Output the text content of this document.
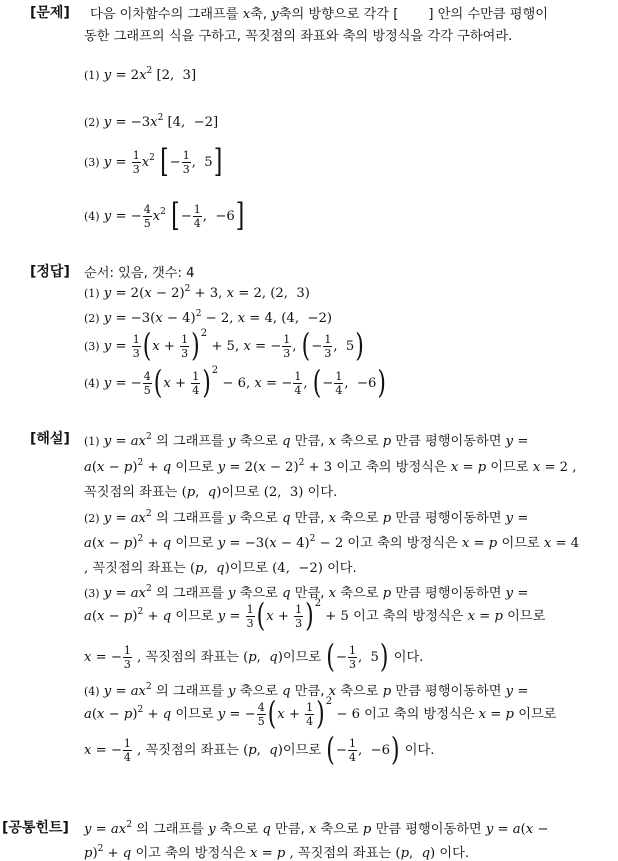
[문제] 다음 이차함수의 그래프를 x축, y축의 방향으로 각각 [ ] 안의 수만큼 평행이
동한 그래프의 식을 구하고, 꼭짓점의 좌표와 축의 방정식을 각각 구하여라.
(1) $y = 2x^2$ [2,  3]
(2) $y = -3x^2$ [4,  −2]
(3) $y = \frac{1}{3} x^2$ [− $\frac{1}{3}$ ,  5]
(4) y = − $\frac{4}{5} x^2$ [− $\frac{1}{4}$ ,  −6]
[정답] 순서: 있음, 갯수: 4
(1) $y = 2(x - 2)^2 + 3$, x = 2, (2,  3)
(2) $y = -3(x - 4)^2 - 2$, x = 4, (4,  −2)
(3) $y = \frac{1}{3} (x + \frac{1}{3} )^2 + 5$, x = − $\frac{1}{3}$ , (− $\frac{1}{3}$ ,  5)
(4) y = − $\frac{4}{5} (x + \frac{1}{4} )^2 - 6$, x = − $\frac{1}{4}$ , (− $\frac{1}{4}$ ,  −6)
[해설] (1) $y = ax^2$ 의 그래프를 y 축으로 q 만큼, x 축으로 p 만큼 평행이동하면 y =
$a(x - p)^2 + q$ 이므로 $y = 2(x - 2)^2 + 3$ 이고 축의 방정식은 x = p 이므로 x = 2 ,
꼭짓점의 좌표는 (p,  q)이므로 (2,  3) 이다.
(2) $y = ax^2$ 의 그래프를 y 축으로 q 만큼, x 축으로 p 만큼 평행이동하면 y =
$a(x - p)^2 + q$ 이므로 $y = -3(x - 4)^2 - 2$ 이고 축의 방정식은 x = p 이므로 x = 4
, 꼭짓점의 좌표는 (p,  q)이므로 (4,  −2) 이다.
(3) $y = ax^2$ 의 그래프를 y 축으로 q 만큼, x 축으로 p 만큼 평행이동하면 y =
$a(x - p)^2 + q$ 이므로 $y = \frac{1}{3} (x + \frac{1}{3} )^2 + 5$ 이고 축의 방정식은 x = p 이므로
x = − $\frac{1}{3}$ , 꼭짓점의 좌표는 (p,  q)이므로 (− $\frac{1}{3}$ ,  5) 이다.
(4) $y = ax^2$ 의 그래프를 y 축으로 q 만큼, x 축으로 p 만큼 평행이동하면 y =
$a(x - p)^2 + q$ 이므로 y = − $\frac{4}{5} (x + \frac{1}{4} )^2 - 6$ 이고 축의 방정식은 x = p 이므로
x = − $\frac{1}{4}$ , 꼭짓점의 좌표는 (p,  q)이므로 (− $\frac{1}{4}$ ,  −6) 이다.
[공통힌트] $y = ax^2$ 의 그래프를 y 축으로 q 만큼, x 축으로 p 만큼 평행이동하면 y = a(x −
p)$^2$ + q 이고 축의 방정식은 x = p , 꼭짓점의 좌표는 (p,  q) 이다.
